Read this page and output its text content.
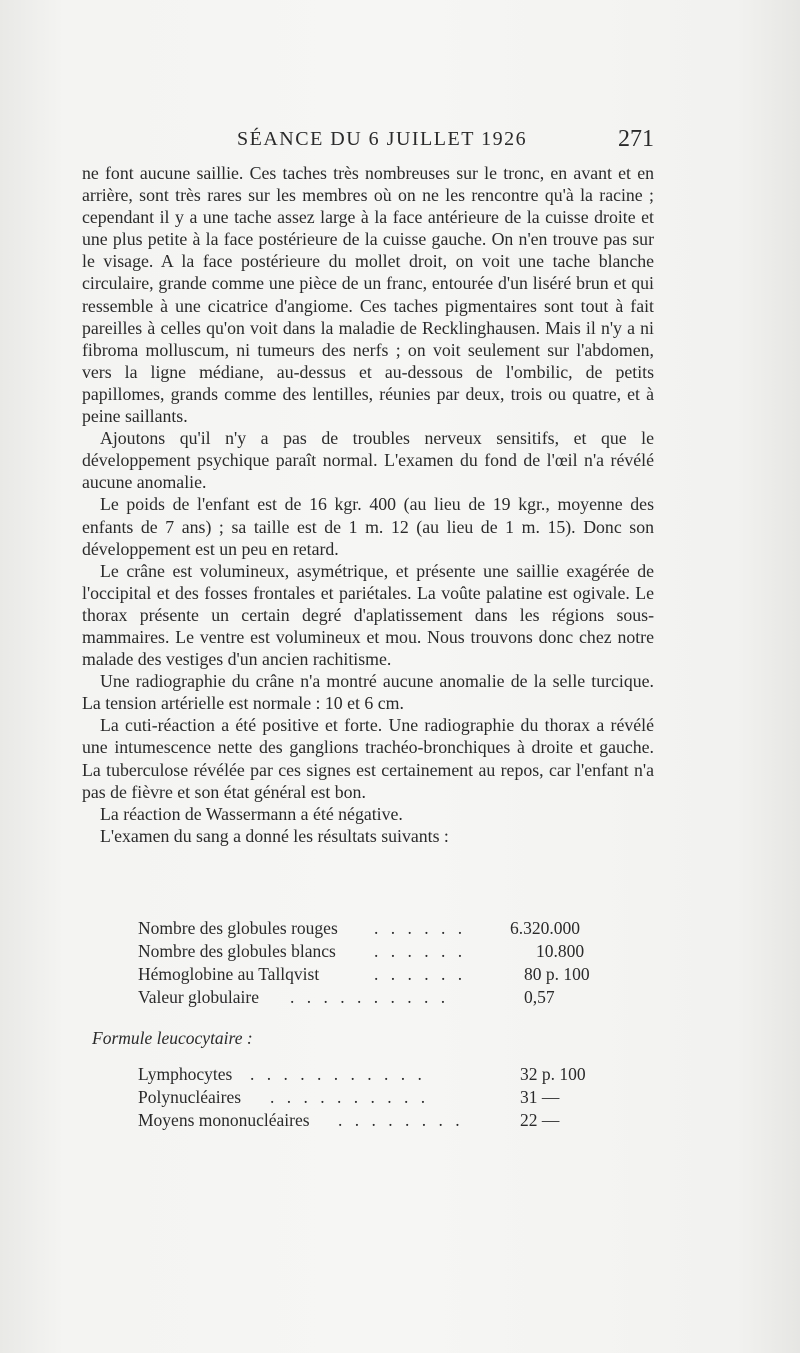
SÉANCE DU 6 JUILLET 1926	271

ne font aucune saillie. Ces taches très nombreuses sur le tronc, en avant et en arrière, sont très rares sur les membres où on ne les rencontre qu'à la racine ; cependant il y a une tache assez large à la face antérieure de la cuisse droite et une plus petite à la face postérieure de la cuisse gauche. On n'en trouve pas sur le visage. A la face postérieure du mollet droit, on voit une tache blanche circulaire, grande comme une pièce de un franc, entourée d'un liséré brun et qui ressemble à une cicatrice d'angiome. Ces taches pigmentaires sont tout à fait pareilles à celles qu'on voit dans la maladie de Recklinghausen. Mais il n'y a ni fibroma molluscum, ni tumeurs des nerfs ; on voit seulement sur l'abdomen, vers la ligne médiane, au-dessus et au-dessous de l'ombilic, de petits papillomes, grands comme des lentilles, réunies par deux, trois ou quatre, et à peine saillants.

Ajoutons qu'il n'y a pas de troubles nerveux sensitifs, et que le développement psychique paraît normal. L'examen du fond de l'œil n'a révélé aucune anomalie.

Le poids de l'enfant est de 16 kgr. 400 (au lieu de 19 kgr., moyenne des enfants de 7 ans) ; sa taille est de 1 m. 12 (au lieu de 1 m. 15). Donc son développement est un peu en retard.

Le crâne est volumineux, asymétrique, et présente une saillie exagérée de l'occipital et des fosses frontales et pariétales. La voûte palatine est ogivale. Le thorax présente un certain degré d'aplatissement dans les régions sous-mammaires. Le ventre est volumineux et mou. Nous trouvons donc chez notre malade des vestiges d'un ancien rachitisme.

Une radiographie du crâne n'a montré aucune anomalie de la selle turcique. La tension artérielle est normale : 10 et 6 cm.

La cuti-réaction a été positive et forte. Une radiographie du thorax a révélé une intumescence nette des ganglions trachéo-bronchiques à droite et gauche. La tuberculose révélée par ces signes est certainement au repos, car l'enfant n'a pas de fièvre et son état général est bon.

La réaction de Wassermann a été négative.

L'examen du sang a donné les résultats suivants :

Nombre des globules rouges . . . . . .	6.320.000
Nombre des globules blancs . . . . . .	10.800
Hémoglobine au Tallqvist	. . . . . .	80 p. 100
Valeur globulaire . . . . . . . . . .	0,57
Formule leucocytaire :
Lymphocytes . . . . . . . . . . .	32 p. 100
Polynucléaires . . . . . . . . . .	31 —
Moyens mononucléaires . . . . . . . .	22 —
